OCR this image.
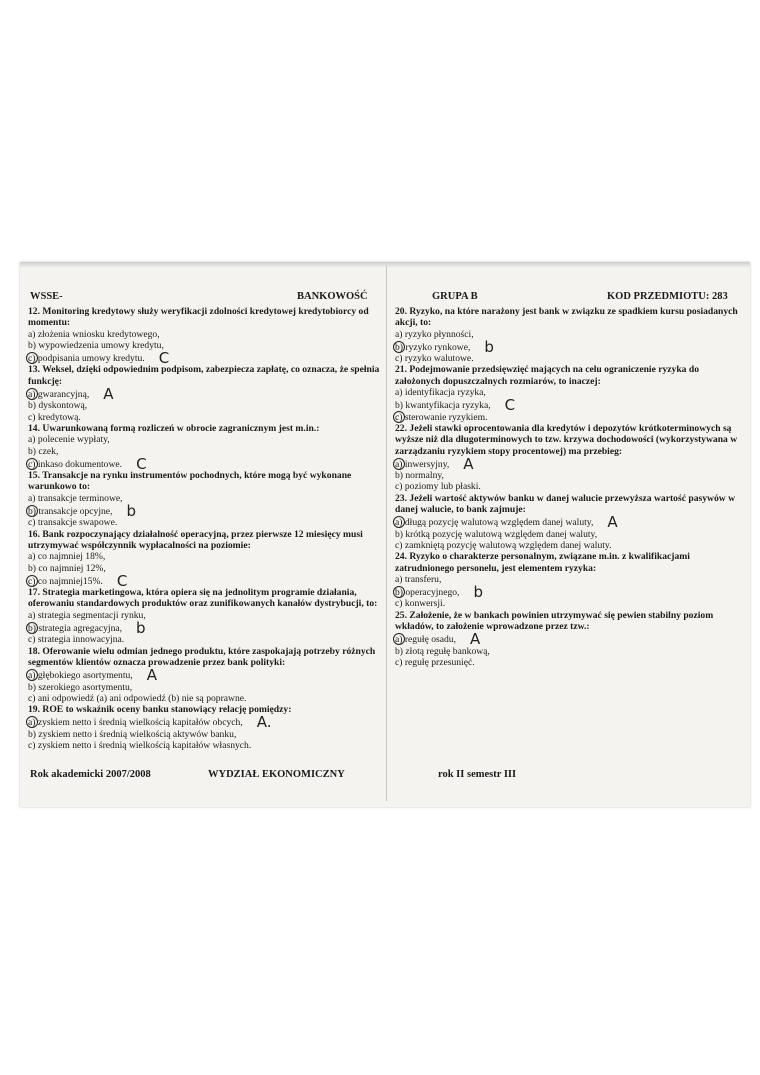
WSSE-	BANKOWOŚĆ	GRUPA B	KOD PRZEDMIOTU: 283
12. Monitoring kredytowy służy weryfikacji zdolności kredytowej kredytobiorcy od momentu:
a) złożenia wniosku kredytowego,
b) wypowiedzenia umowy kredytu,
c) podpisania umowy kredytu. C
13. Weksel, dzięki odpowiednim podpisom, zabezpiecza zapłatę, co oznacza, że spełnia funkcję:
a) gwarancyjną, A
b) dyskontową,
c) kredytową.
14. Uwarunkowaną formą rozliczeń w obrocie zagranicznym jest m.in.:
a) polecenie wypłaty,
b) czek,
c) inkaso dokumentowe. C
15. Transakcje na rynku instrumentów pochodnych, które mogą być wykonane warunkowo to:
a) transakcje terminowe,
b) transakcje opcyjne, b
c) transakcje swapowe.
16. Bank rozpoczynający działalność operacyjną, przez pierwsze 12 miesięcy musi utrzymywać współczynnik wypłacalności na poziomie:
a) co najmniej 18%,
b) co najmniej 12%,
c) co najmniej15%. C
17. Strategia marketingowa, która opiera się na jednolitym programie działania, oferowaniu standardowych produktów oraz zunifikowanych kanałów dystrybucji, to:
a) strategia segmentacji rynku,
b) strategia agregacyjna, b
c) strategia innowacyjna.
18. Oferowanie wielu odmian jednego produktu, które zaspokajają potrzeby różnych segmentów klientów oznacza prowadzenie przez bank polityki:
a) głębokiego asortymentu, A
b) szerokiego asortymentu,
c) ani odpowiedź (a) ani odpowiedź (b) nie są poprawne.
19. ROE to wskaźnik oceny banku stanowiący relację pomiędzy:
a) zyskiem netto i średnią wielkością kapitałów obcych, A.
b) zyskiem netto i średnią wielkością aktywów banku,
c) zyskiem netto i średnią wielkością kapitałów własnych.
20. Ryzyko, na które narażony jest bank w związku ze spadkiem kursu posiadanych akcji, to:
a) ryzyko płynności,
b) ryzyko rynkowe, b
c) ryzyko walutowe.
21. Podejmowanie przedsięwzięć mających na celu ograniczenie ryzyka do założonych dopuszczalnych rozmiarów, to inaczej:
a) identyfikacja ryzyka,
b) kwantyfikacja ryzyka, C
c) sterowanie ryzykiem.
22. Jeżeli stawki oprocentowania dla kredytów i depozytów krótkoterminowych są wyższe niż dla długoterminowych to tzw. krzywa dochodowości (wykorzystywana w zarządzaniu ryzykiem stopy procentowej) ma przebieg:
a) inwersyjny, A
b) normalny,
c) poziomy lub płaski.
23. Jeżeli wartość aktywów banku w danej walucie przewyższa wartość pasywów w danej walucie, to bank zajmuje:
a) długą pozycję walutową względem danej waluty, A
b) krótką pozycję walutową względem danej waluty,
c) zamkniętą pozycję walutową względem danej waluty.
24. Ryzyko o charakterze personalnym, związane m.in. z kwalifikacjami zatrudnionego personelu, jest elementem ryzyka:
a) transferu,
b) operacyjnego, b
c) konwersji.
25. Założenie, że w bankach powinien utrzymywać się pewien stabilny poziom wkładów, to założenie wprowadzone przez tzw.:
a) regułę osadu, A
b) złotą regułę bankową,
c) regułę przesunięć.
Rok akademicki 2007/2008	WYDZIAŁ EKONOMICZNY	rok II semestr III
